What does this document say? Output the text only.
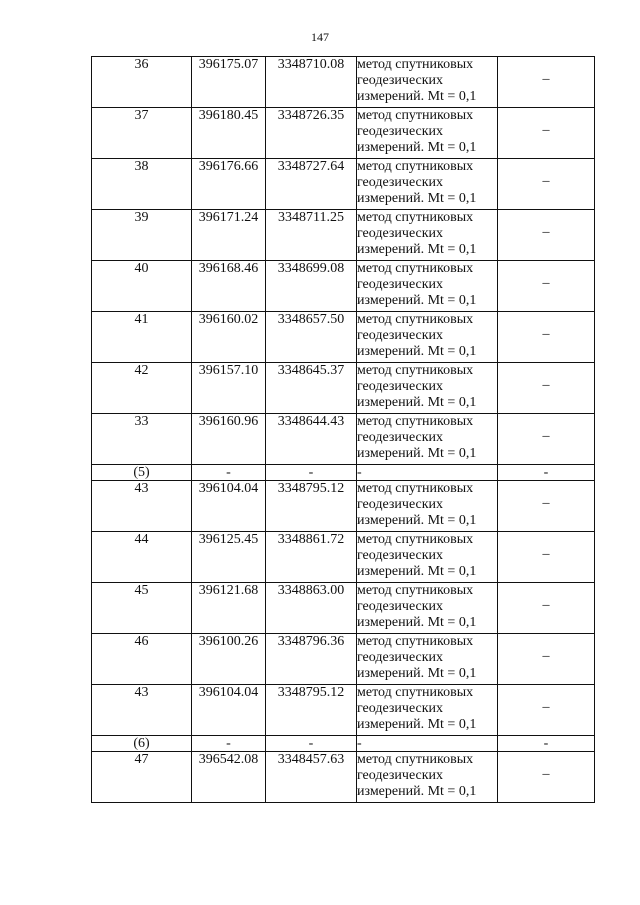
147
36	396175.07	3348710.08	метод спутниковых
геодезических
измерений. Mt = 0,1	_
37	396180.45	3348726.35	метод спутниковых
геодезических
измерений. Mt = 0,1	_
38	396176.66	3348727.64	метод спутниковых
геодезических
измерений. Mt = 0,1	_
39	396171.24	3348711.25	метод спутниковых
геодезических
измерений. Mt = 0,1	_
40	396168.46	3348699.08	метод спутниковых
геодезических
измерений. Mt = 0,1	_
41	396160.02	3348657.50	метод спутниковых
геодезических
измерений. Mt = 0,1	_
42	396157.10	3348645.37	метод спутниковых
геодезических
измерений. Mt = 0,1	_
33	396160.96	3348644.43	метод спутниковых
геодезических
измерений. Mt = 0,1	_
(5)	-	-	-	-
43	396104.04	3348795.12	метод спутниковых
геодезических
измерений. Mt = 0,1	_
44	396125.45	3348861.72	метод спутниковых
геодезических
измерений. Mt = 0,1	_
45	396121.68	3348863.00	метод спутниковых
геодезических
измерений. Mt = 0,1	_
46	396100.26	3348796.36	метод спутниковых
геодезических
измерений. Mt = 0,1	_
43	396104.04	3348795.12	метод спутниковых
геодезических
измерений. Mt = 0,1	_
(6)	-	-	-	-
47	396542.08	3348457.63	метод спутниковых
геодезических
измерений. Mt = 0,1	_
